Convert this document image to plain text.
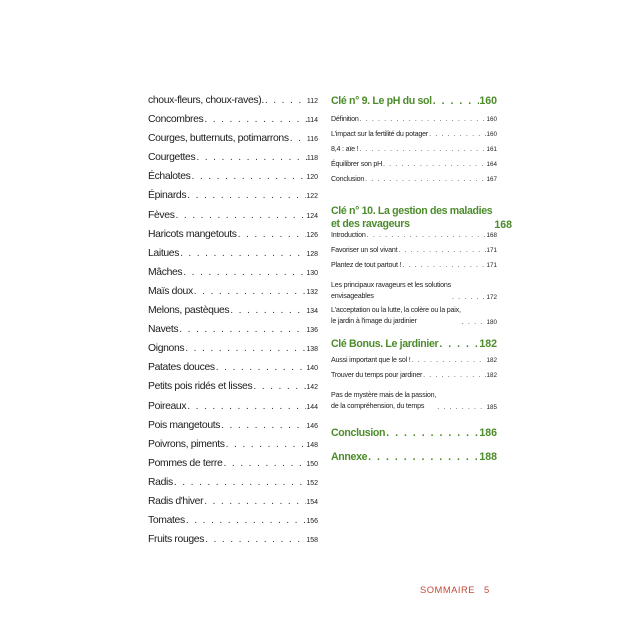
choux-fleurs, choux-raves). . . .	112
Concombres . . .	114
Courges, butternuts, potimarrons . . .	116
Courgettes . . .	118
Échalotes . . .	120
Épinards . . .	122
Fèves . . .	124
Haricots mangetouts . . .	126
Laitues . . .	128
Mâches . . .	130
Maïs doux . . .	132
Melons, pastèques . . .	134
Navets . . .	136
Oignons . . .	138
Patates douces . . .	140
Petits pois ridés et lisses . . .	142
Poireaux . . .	144
Pois mangetouts . . .	146
Poivrons, piments . . .	148
Pommes de terre . . .	150
Radis . . .	152
Radis d'hiver . . .	154
Tomates . . .	156
Fruits rouges . . .	158
Clé n° 9. Le pH du sol . . .	160
Définition . . .	160
L'impact sur la fertilité du potager . . .	160
8,4 : aïe ! . . .	161
Équilibrer son pH . . .	164
Conclusion . . .	167
Clé n° 10. La gestion des maladies
et des ravageurs . . .	168
Introduction . . .	168
Favoriser un sol vivant . . .	171
Plantez de tout partout ! . . .	171
Les principaux ravageurs et les solutions
envisageables . . .	172
L'acceptation ou la lutte, la colère ou la paix,
le jardin à l'image du jardinier . . .	180
Clé Bonus. Le jardinier . . .	182
Aussi important que le sol ! . . .	182
Trouver du temps pour jardiner . . .	182
Pas de mystère mais de la passion,
de la compréhension, du temps . . .	185
Conclusion . . .	186
Annexe . . .	188
SOMMAIRE 5
